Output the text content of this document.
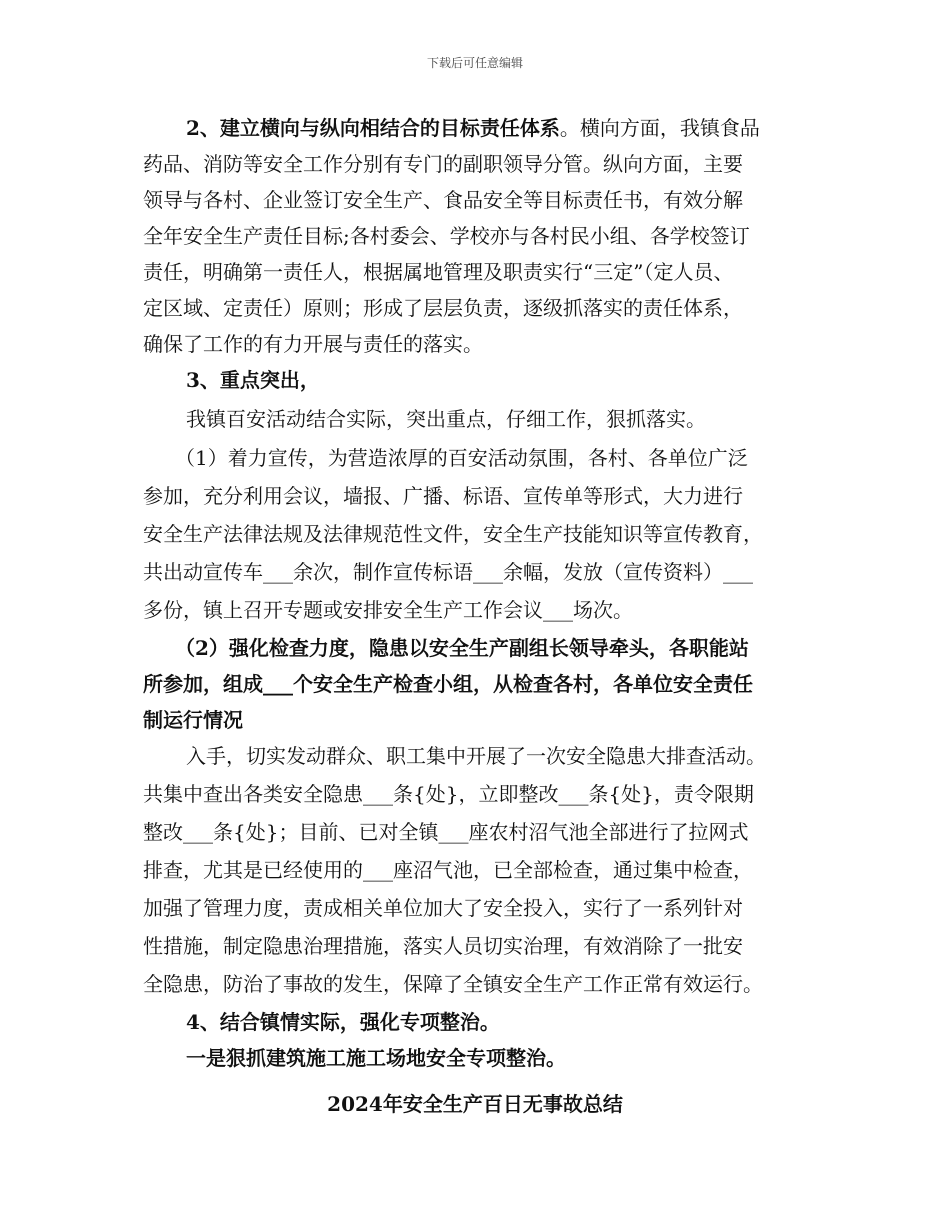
下载后可任意编辑
2、建立横向与纵向相结合的目标责任体系。横向方面，我镇食品
药品、消防等安全工作分别有专门的副职领导分管。纵向方面，主要
领导与各村、企业签订安全生产、食品安全等目标责任书，有效分解
全年安全生产责任目标;各村委会、学校亦与各村民小组、各学校签订
责任，明确第一责任人，根据属地管理及职责实行“三定”（定人员、
定区域、定责任）原则；形成了层层负责，逐级抓落实的责任体系，
确保了工作的有力开展与责任的落实。
3、重点突出，
我镇百安活动结合实际，突出重点，仔细工作，狠抓落实。
（1）着力宣传，为营造浓厚的百安活动氛围，各村、各单位广泛
参加，充分利用会议，墙报、广播、标语、宣传单等形式，大力进行
安全生产法律法规及法律规范性文件，安全生产技能知识等宣传教育，
共出动宣传车___余次，制作宣传标语___余幅，发放（宣传资料）___
多份，镇上召开专题或安排安全生产工作会议___场次。
（2）强化检查力度，隐患以安全生产副组长领导牵头，各职能站
所参加，组成___个安全生产检查小组，从检查各村，各单位安全责任
制运行情况
入手，切实发动群众、职工集中开展了一次安全隐患大排查活动。
共集中查出各类安全隐患___条{处}，立即整改___条{处}，责令限期
整改___条{处}；目前、已对全镇___座农村沼气池全部进行了拉网式
排查，尤其是已经使用的___座沼气池，已全部检查，通过集中检查，
加强了管理力度，责成相关单位加大了安全投入，实行了一系列针对
性措施，制定隐患治理措施，落实人员切实治理，有效消除了一批安
全隐患，防治了事故的发生，保障了全镇安全生产工作正常有效运行。
4、结合镇情实际，强化专项整治。
一是狠抓建筑施工施工场地安全专项整治。
2024年安全生产百日无事故总结
